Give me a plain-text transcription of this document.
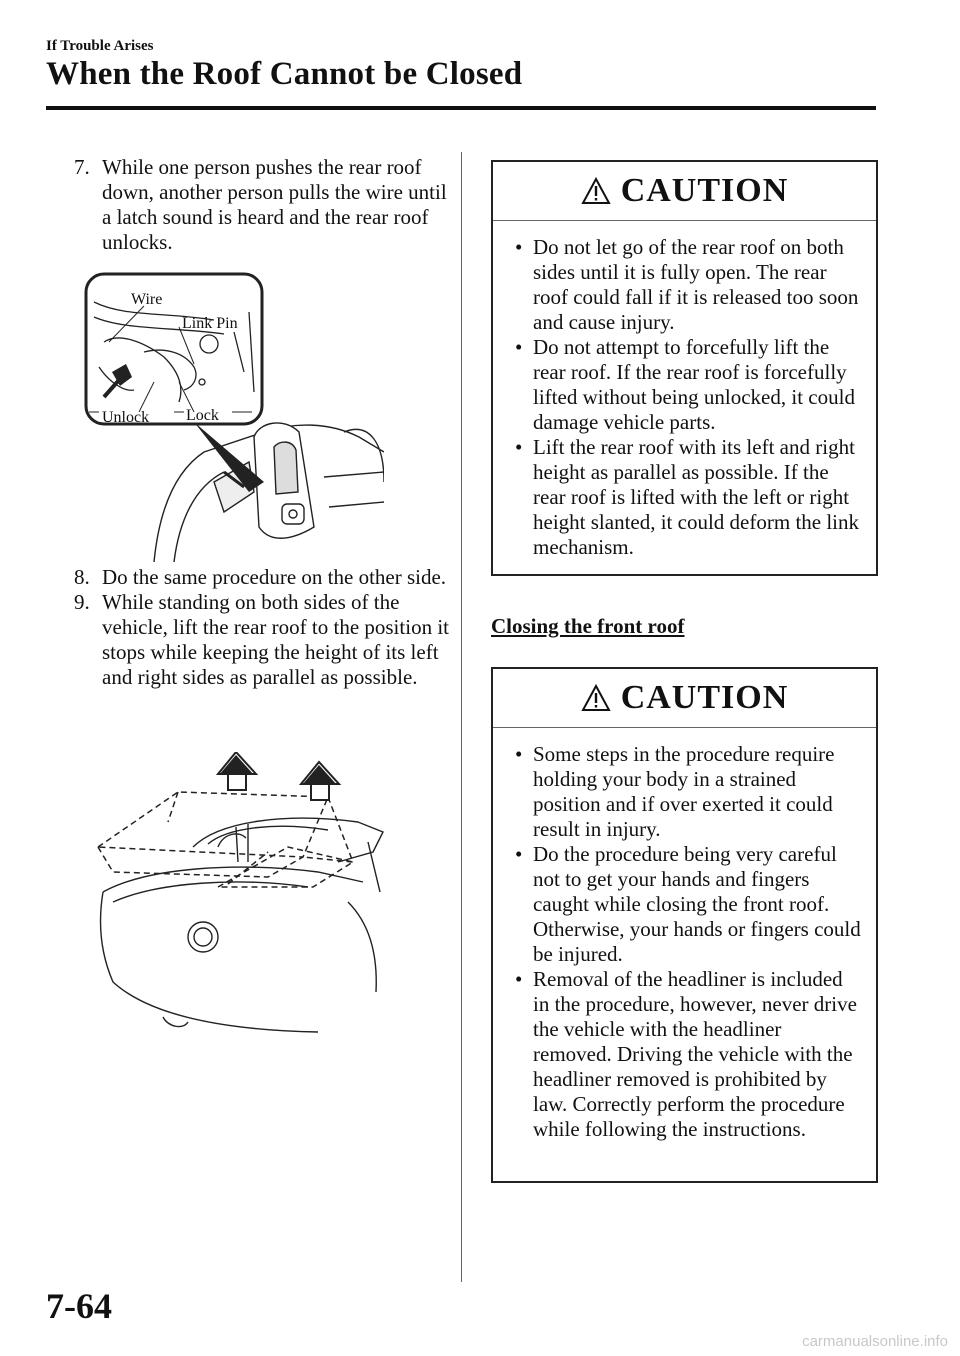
If Trouble Arises
When the Roof Cannot be Closed
7. While one person pushes the rear roof down, another person pulls the wire until a latch sound is heard and the rear roof unlocks.
Wire
Link Pin
Unlock Lock
8. Do the same procedure on the other side.
9. While standing on both sides of the vehicle, lift the rear roof to the position it stops while keeping the height of its left and right sides as parallel as possible.
CAUTION
• Do not let go of the rear roof on both sides until it is fully open. The rear roof could fall if it is released too soon and cause injury.
• Do not attempt to forcefully lift the rear roof. If the rear roof is forcefully lifted without being unlocked, it could damage vehicle parts.
• Lift the rear roof with its left and right height as parallel as possible. If the rear roof is lifted with the left or right height slanted, it could deform the link mechanism.
Closing the front roof
CAUTION
• Some steps in the procedure require holding your body in a strained position and if over exerted it could result in injury.
• Do the procedure being very careful not to get your hands and fingers caught while closing the front roof. Otherwise, your hands or fingers could be injured.
• Removal of the headliner is included in the procedure, however, never drive the vehicle with the headliner removed. Driving the vehicle with the headliner removed is prohibited by law. Correctly perform the procedure while following the instructions.
7-64
carmanualsonline.info
